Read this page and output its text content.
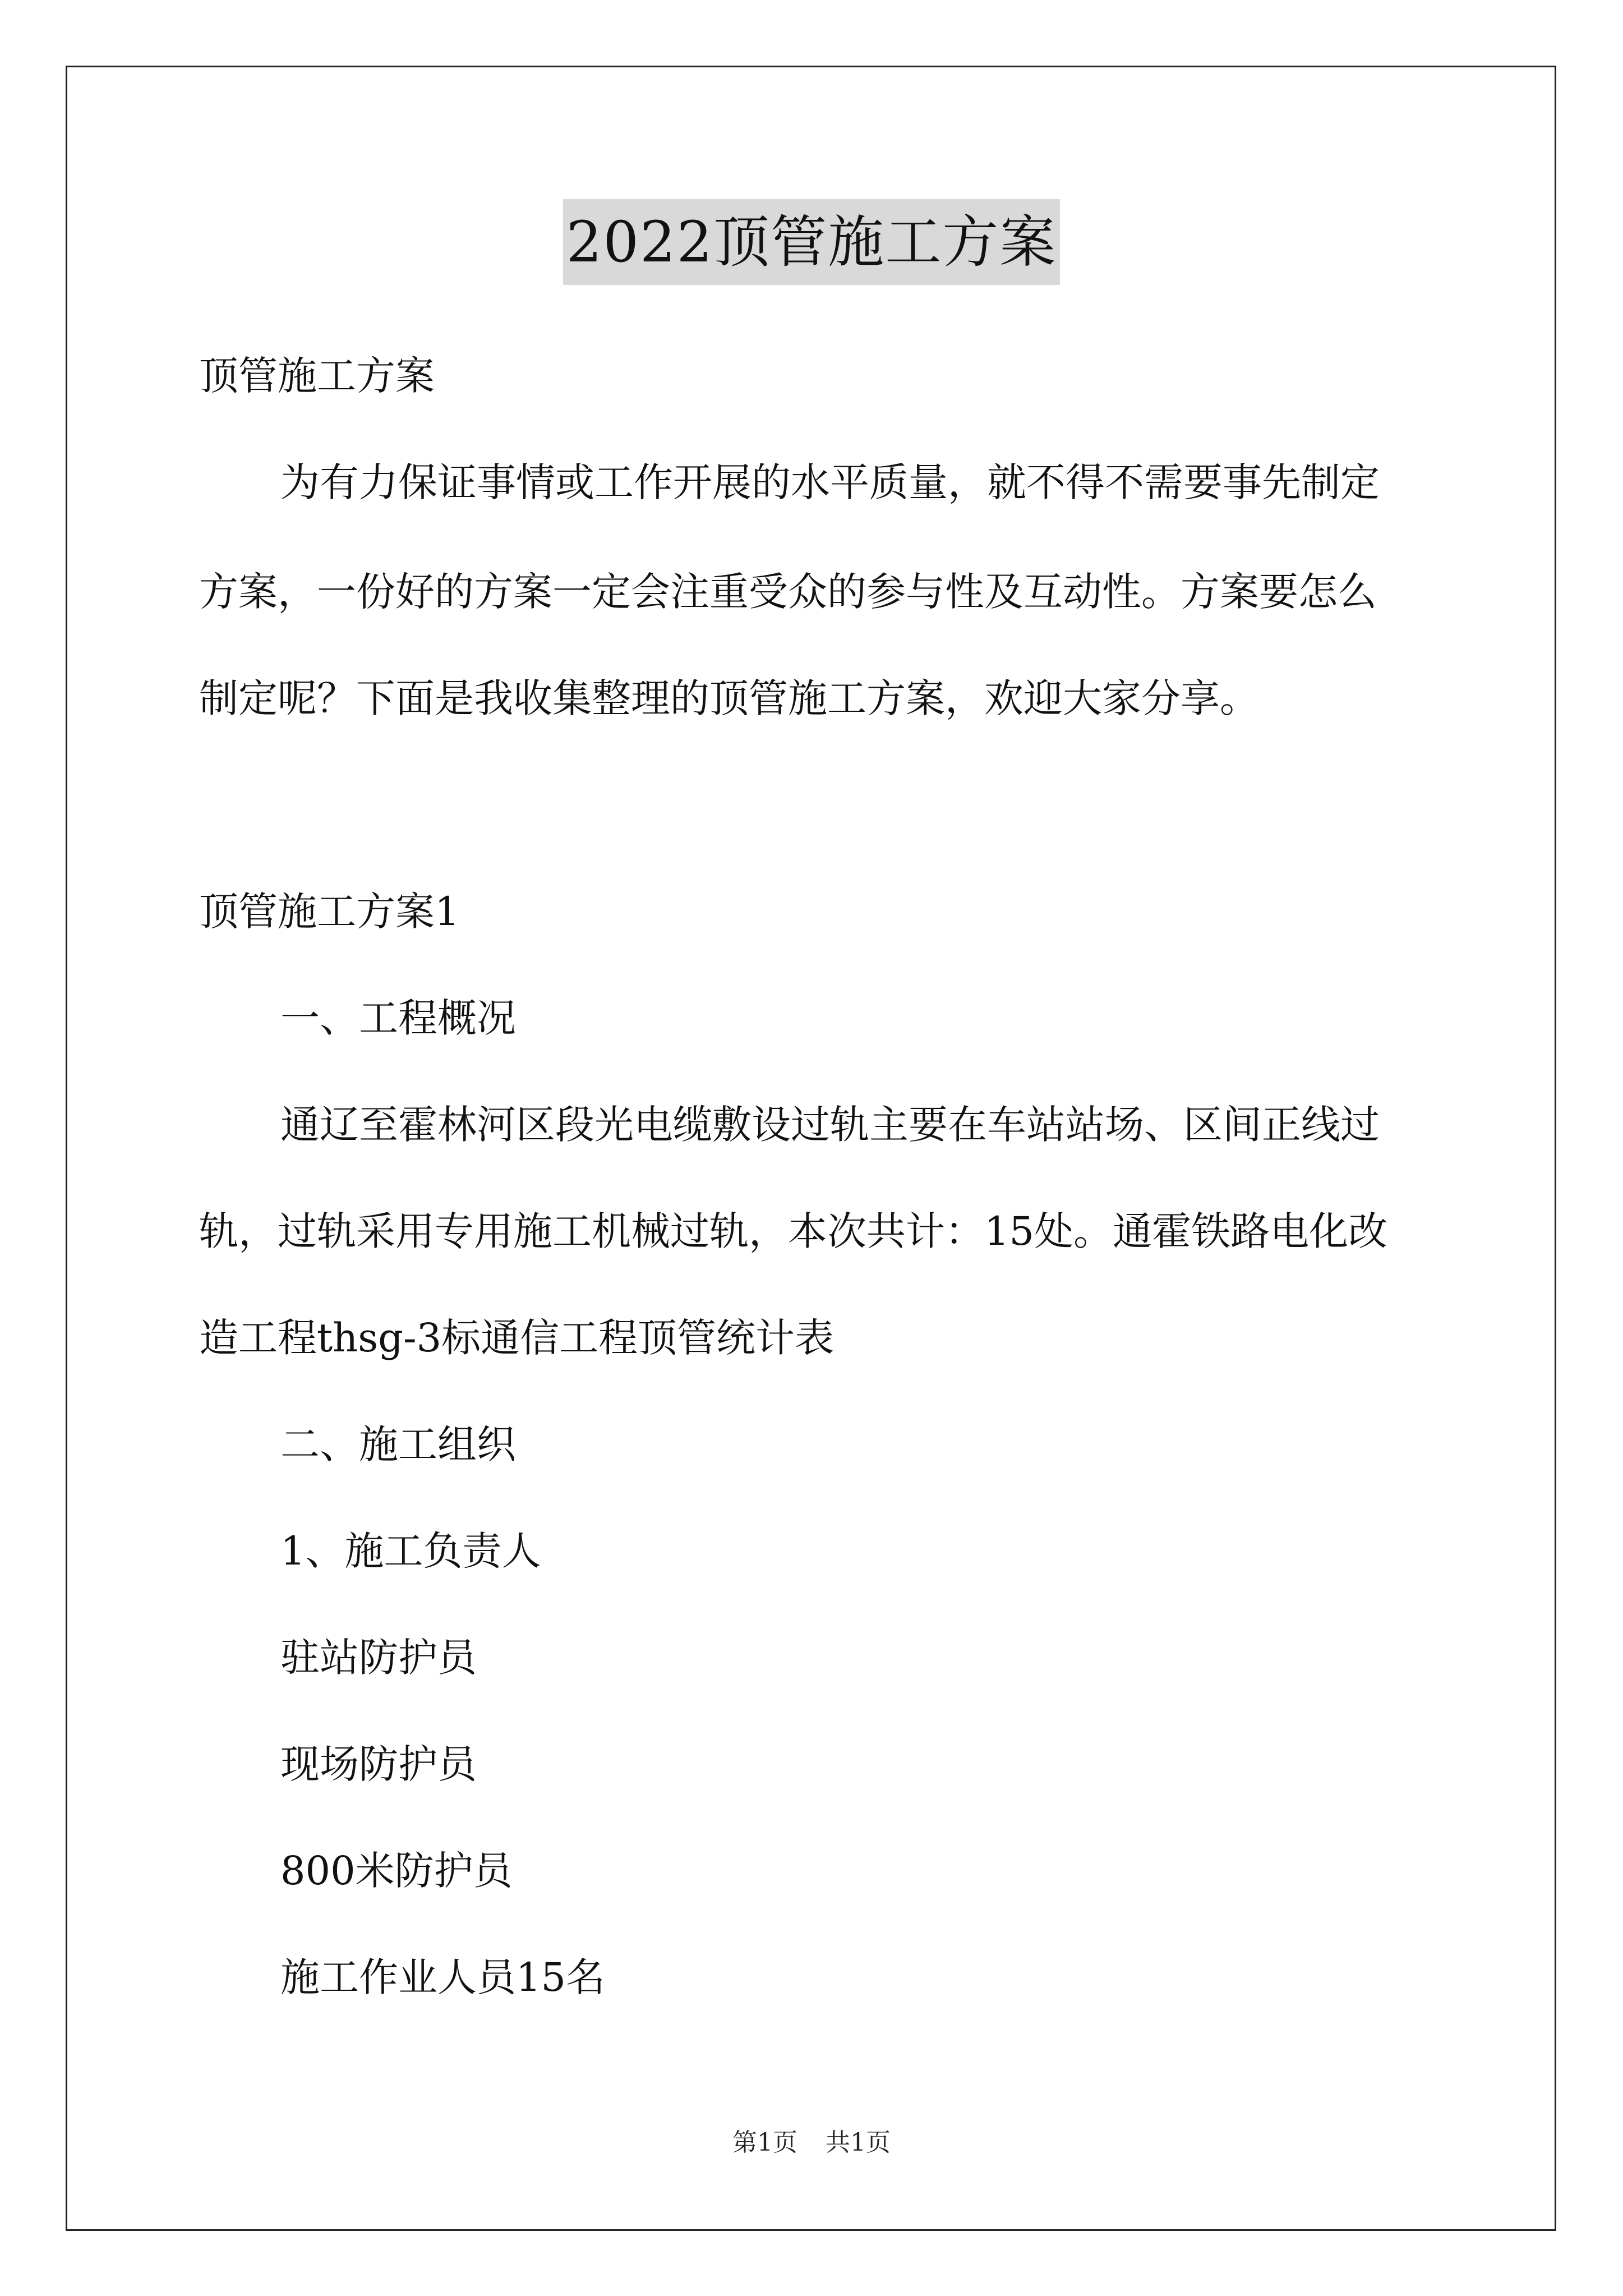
2022顶管施工方案
顶管施工方案
为有力保证事情或工作开展的水平质量，就不得不需要事先制定
方案，一份好的方案一定会注重受众的参与性及互动性。方案要怎么
制定呢？下面是我收集整理的顶管施工方案，欢迎大家分享。
顶管施工方案1
一、工程概况
通辽至霍林河区段光电缆敷设过轨主要在车站站场、区间正线过
轨，过轨采用专用施工机械过轨，本次共计：15处。通霍铁路电化改
造工程thsg-3标通信工程顶管统计表
二、施工组织
1、施工负责人
驻站防护员
现场防护员
800米防护员
施工作业人员15名
第1页 共1页
